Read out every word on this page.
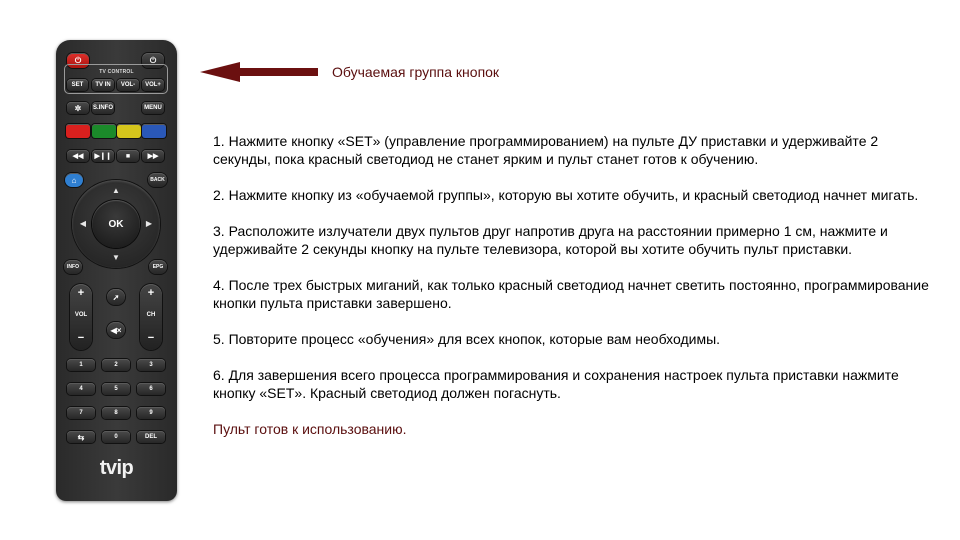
⏻	⏻
TV CONTROL
SET	TV IN	VOL-	VOL+
✲ S.INFO	MENU
◀◀ ▶❙❙ ■	▶▶
⌂	BACK
▲
▼
◀	▶
OK
INFO	EPG
+
VOL
−
➚
◀×
+
CH
−
1	2	3
4	5	6
7	8	9
⇆	0	DEL
tvip
Обучаемая группа кнопок
1. Нажмите кнопку «SET» (управление программированием) на пульте ДУ приставки и удерживайте 2 секунды, пока красный светодиод не станет ярким и пульт станет готов к обучению.
2. Нажмите кнопку из «обучаемой группы», которую вы хотите обучить, и красный светодиод начнет мигать.
3. Расположите излучатели двух пультов друг напротив друга на расстоянии примерно 1 см, нажмите и удерживайте 2 секунды кнопку на пульте телевизора, которой вы хотите обучить пульт приставки.
4. После трех быстрых миганий, как только красный светодиод начнет светить постоянно, программирование кнопки пульта приставки завершено.
5. Повторите процесс «обучения» для всех кнопок, которые вам необходимы.
6. Для завершения всего процесса программирования и сохранения настроек пульта приставки нажмите кнопку «SET». Красный светодиод должен погаснуть.
Пульт готов к использованию.
